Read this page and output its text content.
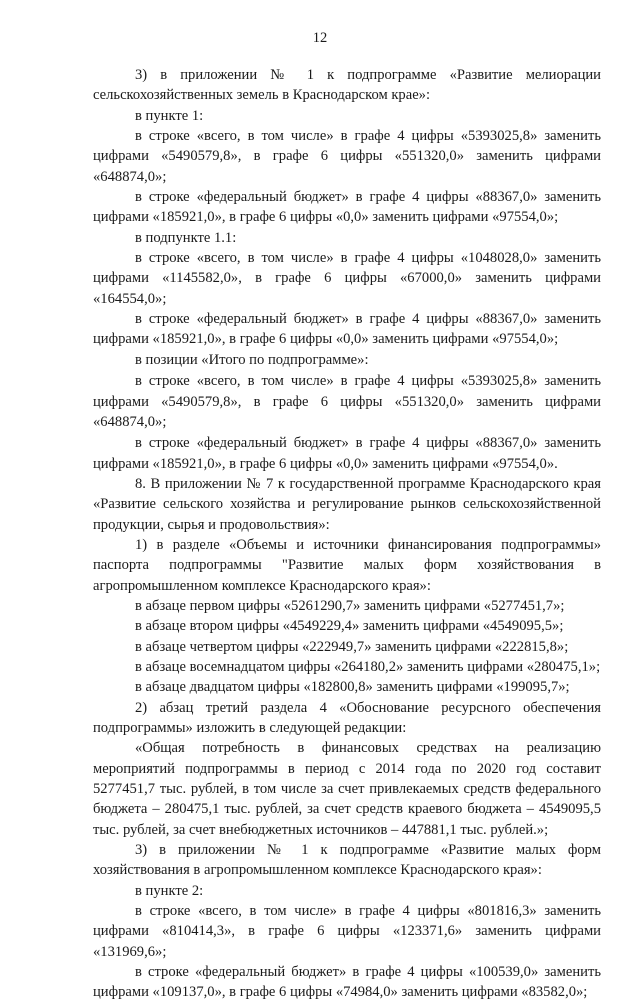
12

3) в приложении № 1 к подпрограмме «Развитие мелиорации сельскохозяйственных земель в Краснодарском крае»:

в пункте 1:

в строке «всего, в том числе» в графе 4 цифры «5393025,8» заменить цифрами «5490579,8», в графе 6 цифры «551320,0» заменить цифрами «648874,0»;

в строке «федеральный бюджет» в графе 4 цифры «88367,0» заменить цифрами «185921,0», в графе 6 цифры «0,0» заменить цифрами «97554,0»;

в подпункте 1.1:

в строке «всего, в том числе» в графе 4 цифры «1048028,0» заменить цифрами «1145582,0», в графе 6 цифры «67000,0» заменить цифрами «164554,0»;

в строке «федеральный бюджет» в графе 4 цифры «88367,0» заменить цифрами «185921,0», в графе 6 цифры «0,0» заменить цифрами «97554,0»;

в позиции «Итого по подпрограмме»:

в строке «всего, в том числе» в графе 4 цифры «5393025,8» заменить цифрами «5490579,8», в графе 6 цифры «551320,0» заменить цифрами «648874,0»;

в строке «федеральный бюджет» в графе 4 цифры «88367,0» заменить цифрами «185921,0», в графе 6 цифры «0,0» заменить цифрами «97554,0».

8. В приложении № 7 к государственной программе Краснодарского края «Развитие сельского хозяйства и регулирование рынков сельскохозяйственной продукции, сырья и продовольствия»:

1) в разделе «Объемы и источники финансирования подпрограммы» паспорта подпрограммы "Развитие малых форм хозяйствования в агропромышленном комплексе Краснодарского края»:

в абзаце первом цифры «5261290,7» заменить цифрами «5277451,7»;

в абзаце втором цифры «4549229,4» заменить цифрами «4549095,5»;

в абзаце четвертом цифры «222949,7» заменить цифрами «222815,8»;

в абзаце восемнадцатом цифры «264180,2» заменить цифрами «280475,1»;

в абзаце двадцатом цифры «182800,8» заменить цифрами «199095,7»;

2) абзац третий раздела 4 «Обоснование ресурсного обеспечения подпрограммы» изложить в следующей редакции:

«Общая потребность в финансовых средствах на реализацию мероприятий подпрограммы в период с 2014 года по 2020 год составит 5277451,7 тыс. рублей, в том числе за счет привлекаемых средств федерального бюджета – 280475,1 тыс. рублей, за счет средств краевого бюджета – 4549095,5 тыс. рублей, за счет внебюджетных источников – 447881,1 тыс. рублей.»;

3) в приложении № 1 к подпрограмме «Развитие малых форм хозяйствования в агропромышленном комплексе Краснодарского края»:

в пункте 2:

в строке «всего, в том числе» в графе 4 цифры «801816,3» заменить цифрами «810414,3», в графе 6 цифры «123371,6» заменить цифрами «131969,6»;

в строке «федеральный бюджет» в графе 4 цифры «100539,0» заменить цифрами «109137,0», в графе 6 цифры «74984,0» заменить цифрами «83582,0»;
